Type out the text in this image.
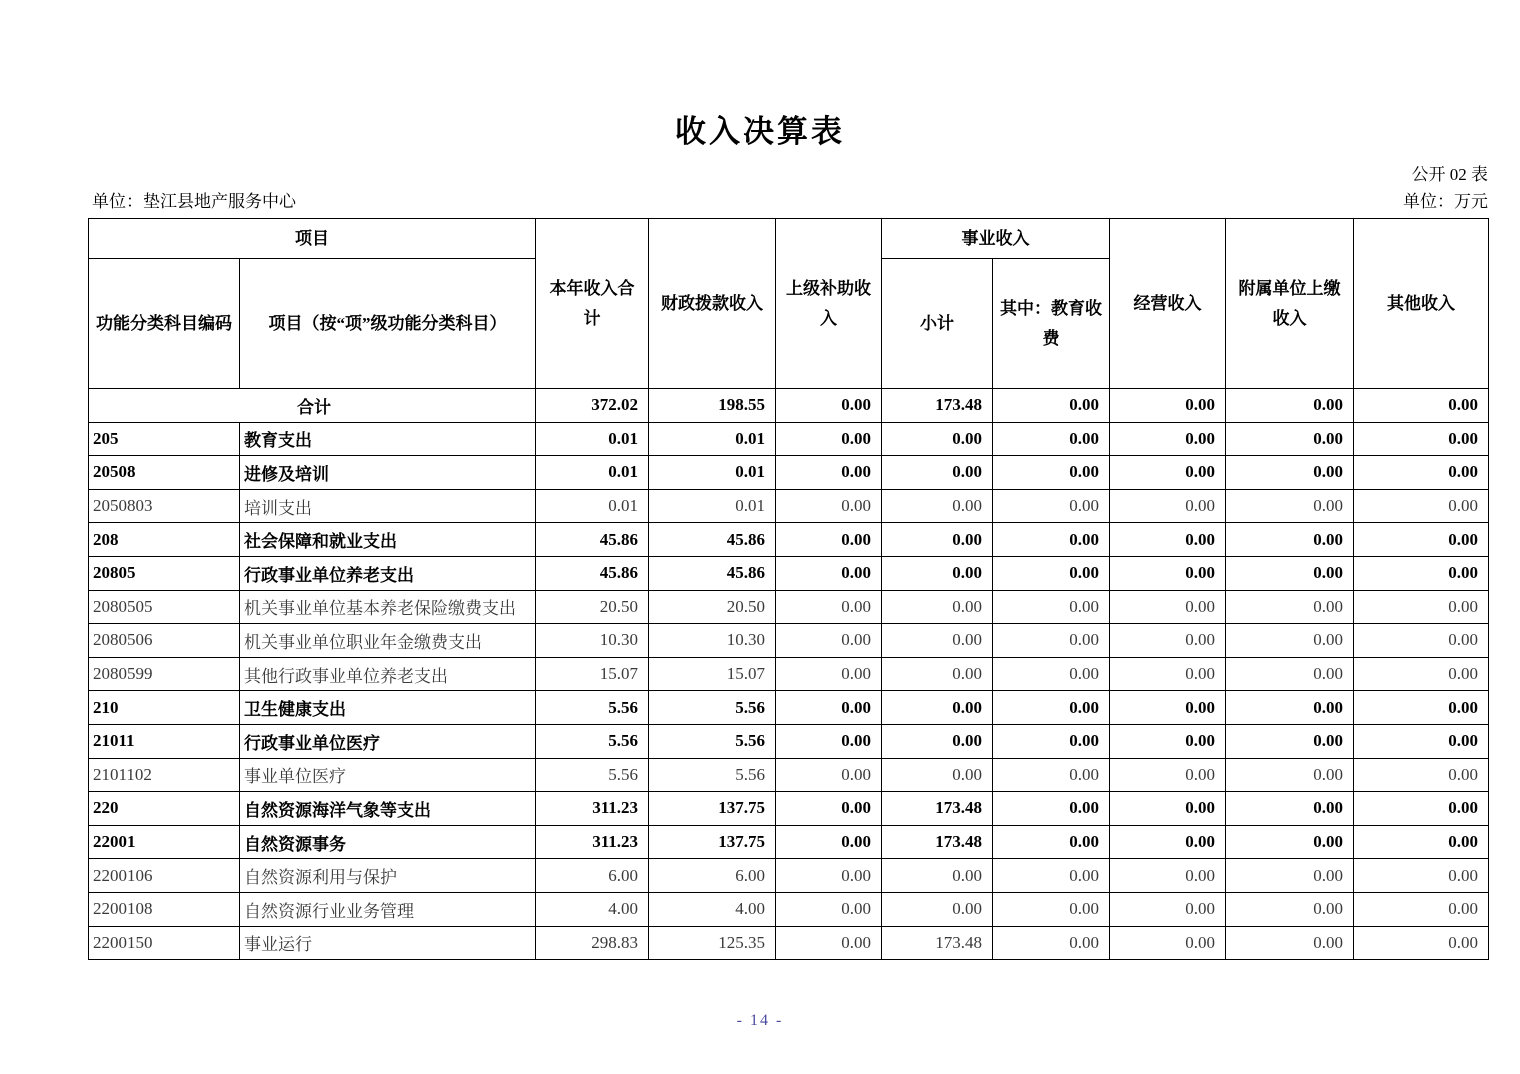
收入决算表
公开 02 表
单位：垫江县地产服务中心	单位：万元
项目		本年收入合计	财政拨款收入	上级补助收入	事业收入		经营收入	附属单位上缴收入	其他收入
功能分类科目编码	项目（按“项”级功能分类科目）				小计	其中：教育收费			
合计		372.02	198.55	0.00	173.48	0.00	0.00	0.00	0.00
205	教育支出	0.01	0.01	0.00	0.00	0.00	0.00	0.00	0.00
20508	进修及培训	0.01	0.01	0.00	0.00	0.00	0.00	0.00	0.00
2050803	培训支出	0.01	0.01	0.00	0.00	0.00	0.00	0.00	0.00
208	社会保障和就业支出	45.86	45.86	0.00	0.00	0.00	0.00	0.00	0.00
20805	行政事业单位养老支出	45.86	45.86	0.00	0.00	0.00	0.00	0.00	0.00
2080505	机关事业单位基本养老保险缴费支出	20.50	20.50	0.00	0.00	0.00	0.00	0.00	0.00
2080506	机关事业单位职业年金缴费支出	10.30	10.30	0.00	0.00	0.00	0.00	0.00	0.00
2080599	其他行政事业单位养老支出	15.07	15.07	0.00	0.00	0.00	0.00	0.00	0.00
210	卫生健康支出	5.56	5.56	0.00	0.00	0.00	0.00	0.00	0.00
21011	行政事业单位医疗	5.56	5.56	0.00	0.00	0.00	0.00	0.00	0.00
2101102	事业单位医疗	5.56	5.56	0.00	0.00	0.00	0.00	0.00	0.00
220	自然资源海洋气象等支出	311.23	137.75	0.00	173.48	0.00	0.00	0.00	0.00
22001	自然资源事务	311.23	137.75	0.00	173.48	0.00	0.00	0.00	0.00
2200106	自然资源利用与保护	6.00	6.00	0.00	0.00	0.00	0.00	0.00	0.00
2200108	自然资源行业业务管理	4.00	4.00	0.00	0.00	0.00	0.00	0.00	0.00
2200150	事业运行	298.83	125.35	0.00	173.48	0.00	0.00	0.00	0.00
- 14 -
